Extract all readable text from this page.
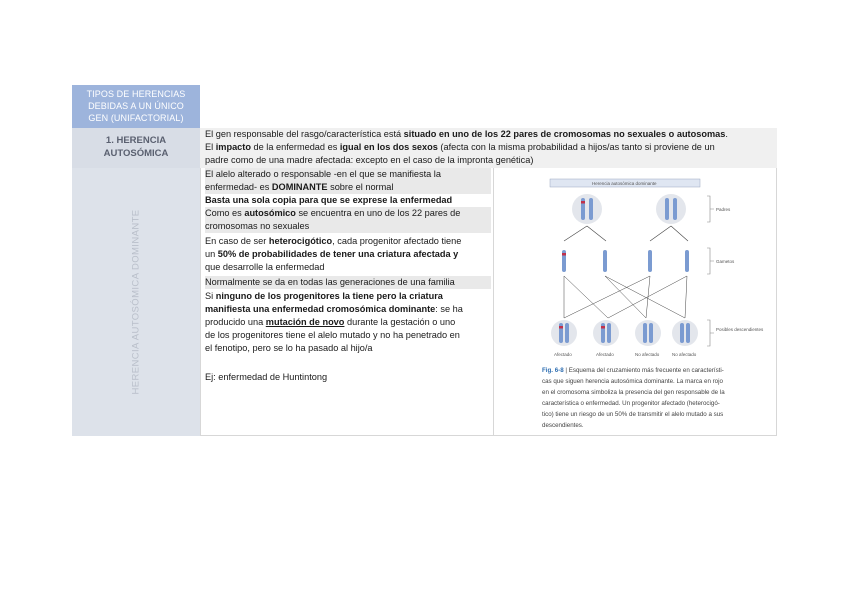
TIPOS DE HERENCIAS
DEBIDAS A UN ÚNICO
GEN (UNIFACTORIAL)
1. HERENCIA
AUTOSÓMICA
El gen responsable del rasgo/característica está situado en uno de los 22 pares de cromosomas no sexuales o autosomas.
El impacto de la enfermedad es igual en los dos sexos (afecta con la misma probabilidad a hijos/as tanto si proviene de un
padre como de una madre afectada: excepto en el caso de la impronta genética)
HERENCIA AUTOSÓMICA DOMINANTE
El alelo alterado o responsable -en el que se manifiesta la
enfermedad- es DOMINANTE sobre el normal
Basta una sola copia para que se exprese la enfermedad
Como es autosómico se encuentra en uno de los 22 pares de
cromosomas no sexuales
En caso de ser heterocigótico, cada progenitor afectado tiene
un 50% de probabilidades de tener una criatura afectada y
que desarrolle la enfermedad
Normalmente se da en todas las generaciones de una familia
Si ninguno de los progenitores la tiene pero la criatura
manifiesta una enfermedad cromosómica dominante: se ha
producido una mutación de novo durante la gestación o uno
de los progenitores tiene el alelo mutado y no ha penetrado en
el fenotipo, pero se lo ha pasado al hijo/a
Ej: enfermedad de Huntintong
Herencia autosómica dominante
Padres
Gametos
Posibles descendientes
Afectado	Afectado	No afectado	No afectado
Fig. 6-8 | Esquema del cruzamiento más frecuente en característi-
cas que siguen herencia autosómica dominante. La marca en rojo
en el cromosoma simboliza la presencia del gen responsable de la
característica o enfermedad. Un progenitor afectado (heterocigó-
tico) tiene un riesgo de un 50% de transmitir el alelo mutado a sus
descendientes.
